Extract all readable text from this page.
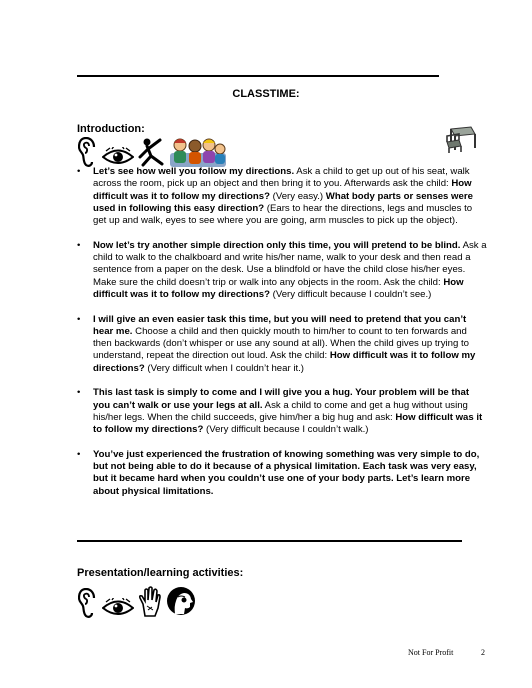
CLASSTIME:
Introduction:
• Let’s see how well you follow my directions. Ask a child to get up out of his seat, walk across the room, pick up an object and then bring it to you. Afterwards ask the child: How difficult was it to follow my directions? (Very easy.) What body parts or senses were used in following this easy direction? (Ears to hear the directions, legs and muscles to get up and walk, eyes to see where you are going, arm muscles to pick up the object).
• Now let’s try another simple direction only this time, you will pretend to be blind. Ask a child to walk to the chalkboard and write his/her name, walk to your desk and then read a sentence from a paper on the desk. Use a blindfold or have the child close his/her eyes. Make sure the child doesn’t trip or walk into any objects in the room. Ask the child: How difficult was it to follow my directions? (Very difficult because I couldn’t see.)
• I will give an even easier task this time, but you will need to pretend that you can’t hear me. Choose a child and then quickly mouth to him/her to count to ten forwards and then backwards (don’t whisper or use any sound at all). When the child gives up trying to understand, repeat the direction out loud. Ask the child: How difficult was it to follow my directions? (Very difficult when I couldn’t hear it.)
• This last task is simply to come and I will give you a hug. Your problem will be that you can’t walk or use your legs at all. Ask a child to come and get a hug without using his/her legs. When the child succeeds, give him/her a big hug and ask: How difficult was it to follow my directions? (Very difficult because I couldn’t walk.)
• You’ve just experienced the frustration of knowing something was very simple to do, but not being able to do it because of a physical limitation. Each task was very easy, but it became hard when you couldn’t use one of your body parts. Let’s learn more about physical limitations.
Presentation/learning activities:
Not For Profit	2
